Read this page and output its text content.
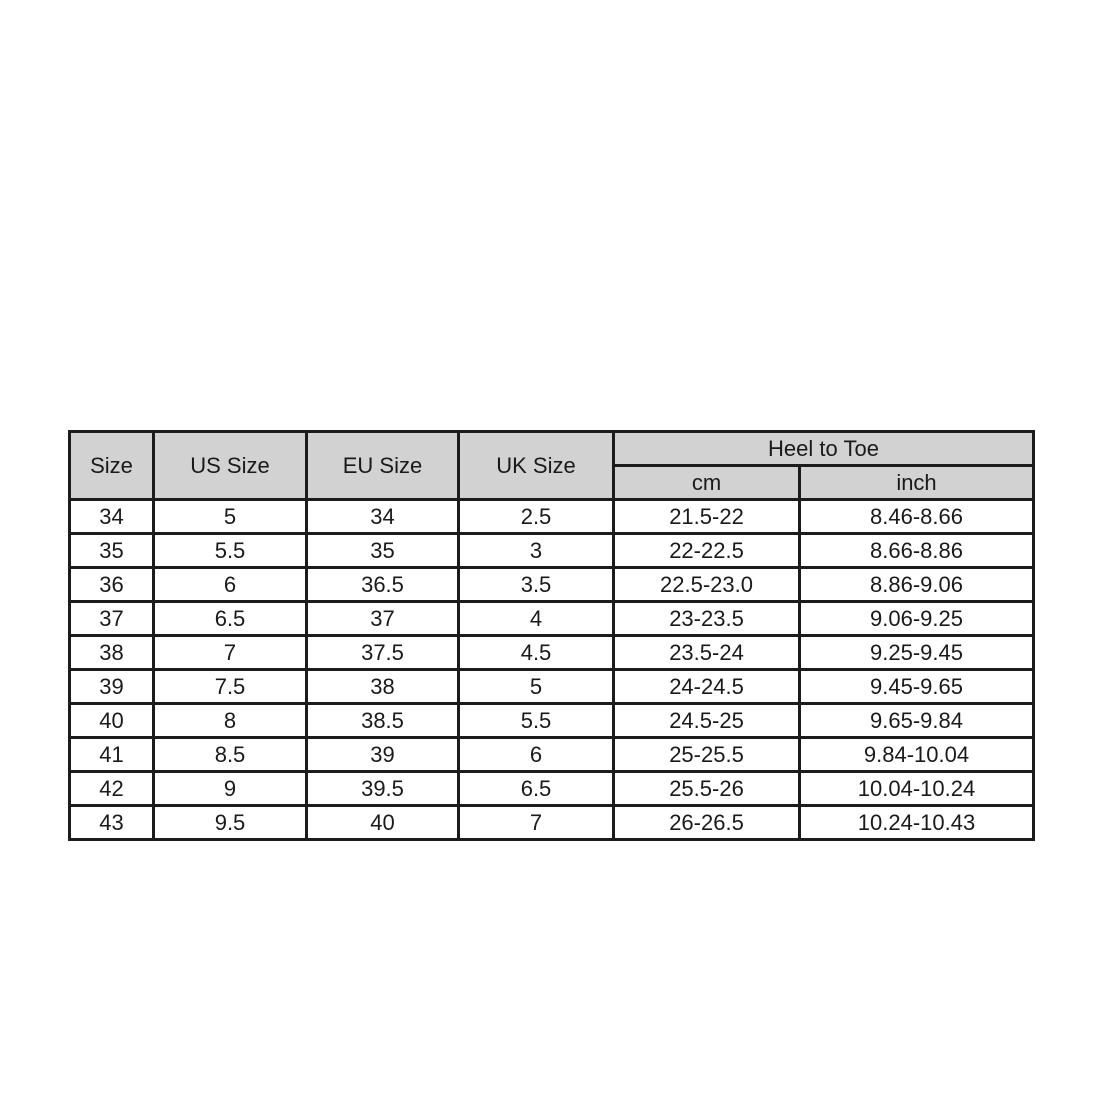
Size	US Size	EU Size	UK Size	Heel to Toe	
				cm	inch
34	5	34	2.5	21.5-22	8.46-8.66
35	5.5	35	3	22-22.5	8.66-8.86
36	6	36.5	3.5	22.5-23.0	8.86-9.06
37	6.5	37	4	23-23.5	9.06-9.25
38	7	37.5	4.5	23.5-24	9.25-9.45
39	7.5	38	5	24-24.5	9.45-9.65
40	8	38.5	5.5	24.5-25	9.65-9.84
41	8.5	39	6	25-25.5	9.84-10.04
42	9	39.5	6.5	25.5-26	10.04-10.24
43	9.5	40	7	26-26.5	10.24-10.43
